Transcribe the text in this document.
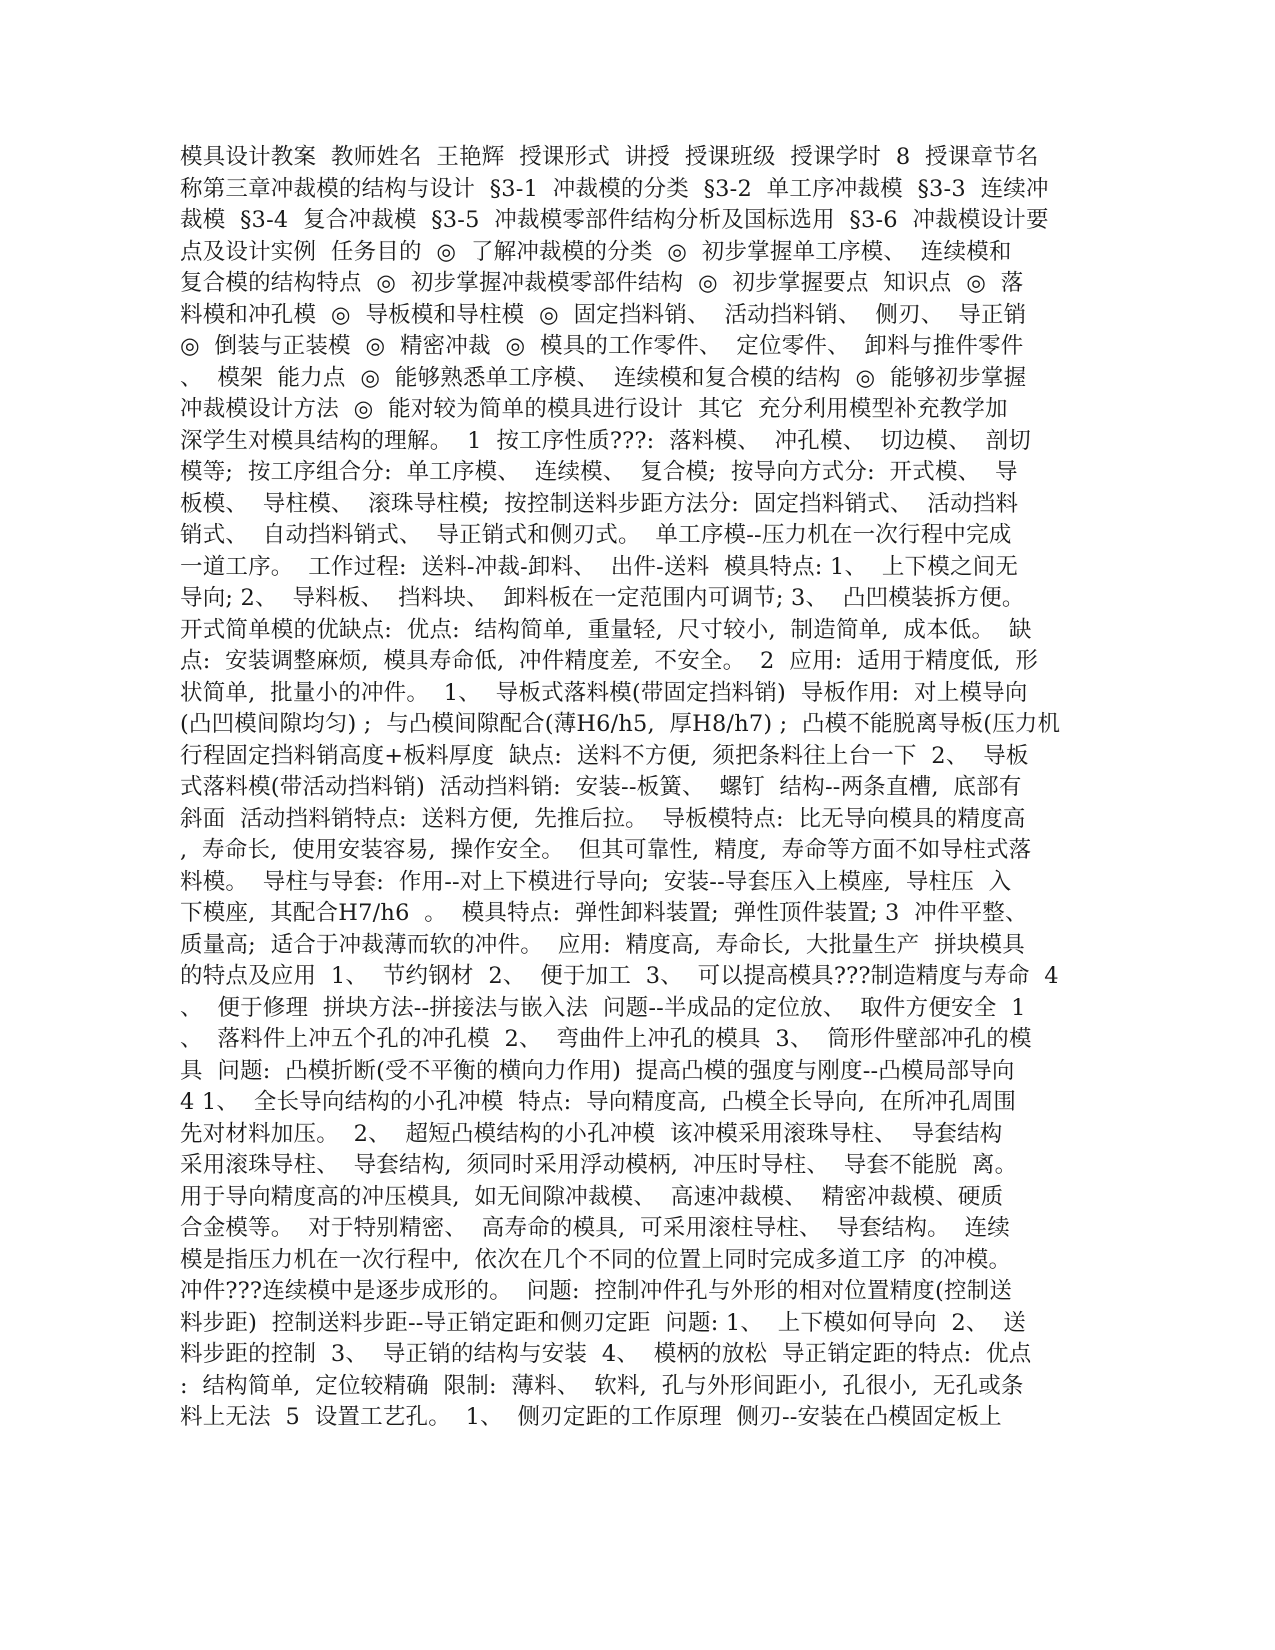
模具设计教案  教师姓名  王艳辉  授课形式  讲授  授课班级  授课学时  8  授课章节名
称第三章冲裁模的结构与设计  §3-1  冲裁模的分类  §3-2  单工序冲裁模  §3-3  连续冲
裁模  §3-4  复合冲裁模  §3-5  冲裁模零部件结构分析及国标选用  §3-6  冲裁模设计要
点及设计实例  任务目的  ◎  了解冲裁模的分类  ◎  初步掌握单工序模、  连续模和
复合模的结构特点  ◎  初步掌握冲裁模零部件结构  ◎  初步掌握要点  知识点  ◎  落
料模和冲孔模  ◎  导板模和导柱模  ◎  固定挡料销、  活动挡料销、  侧刃、  导正销
◎  倒装与正装模  ◎  精密冲裁  ◎  模具的工作零件、  定位零件、  卸料与推件零件
、  模架  能力点  ◎  能够熟悉单工序模、  连续模和复合模的结构  ◎  能够初步掌握
冲裁模设计方法  ◎  能对较为简单的模具进行设计  其它  充分利用模型补充教学加
深学生对模具结构的理解。  1  按工序性质???:  落料模、  冲孔模、  切边模、  剖切
模等;  按工序组合分:  单工序模、  连续模、  复合模;  按导向方式分:  开式模、  导
板模、  导柱模、  滚珠导柱模;  按控制送料步距方法分:  固定挡料销式、  活动挡料
销式、  自动挡料销式、  导正销式和侧刃式。  单工序模--压力机在一次行程中完成
一道工序。  工作过程:  送料-冲裁-卸料、  出件-送料  模具特点: 1、  上下模之间无
导向; 2、  导料板、  挡料块、  卸料板在一定范围内可调节; 3、  凸凹模装拆方便。
开式简单模的优缺点:  优点:  结构简单,  重量轻,  尺寸较小,  制造简单,  成本低。  缺
点:  安装调整麻烦,  模具寿命低,  冲件精度差,  不安全。  2  应用:  适用于精度低,  形
状简单,  批量小的冲件。  1、  导板式落料模(带固定挡料销)  导板作用:  对上模导向
(凸凹模间隙均匀) ;  与凸模间隙配合(薄H6/h5,  厚H8/h7) ;  凸模不能脱离导板(压力机
行程固定挡料销高度+板料厚度  缺点:  送料不方便,  须把条料往上台一下  2、  导板
式落料模(带活动挡料销)  活动挡料销:  安装--板簧、  螺钉  结构--两条直槽,  底部有
斜面  活动挡料销特点:  送料方便,  先推后拉。  导板模特点:  比无导向模具的精度高
,  寿命长,  使用安装容易,  操作安全。  但其可靠性,  精度,  寿命等方面不如导柱式落
料模。  导柱与导套:  作用--对上下模进行导向;  安装--导套压入上模座,  导柱压  入
下模座,  其配合H7/h6  。  模具特点:  弹性卸料装置;  弹性顶件装置; 3  冲件平整、
质量高;  适合于冲裁薄而软的冲件。  应用:  精度高,  寿命长,  大批量生产  拼块模具
的特点及应用  1、  节约钢材  2、  便于加工  3、  可以提高模具???制造精度与寿命  4
、  便于修理  拼块方法--拼接法与嵌入法  问题--半成品的定位放、  取件方便安全  1
、  落料件上冲五个孔的冲孔模  2、  弯曲件上冲孔的模具  3、  筒形件壁部冲孔的模
具  问题:  凸模折断(受不平衡的横向力作用)  提高凸模的强度与刚度--凸模局部导向
4 1、  全长导向结构的小孔冲模  特点:  导向精度高,  凸模全长导向,  在所冲孔周围
先对材料加压。  2、  超短凸模结构的小孔冲模  该冲模采用滚珠导柱、  导套结构
采用滚珠导柱、  导套结构,  须同时采用浮动模柄,  冲压时导柱、  导套不能脱  离。
用于导向精度高的冲压模具,  如无间隙冲裁模、  高速冲裁模、  精密冲裁模、硬质
合金模等。  对于特别精密、  高寿命的模具,  可采用滚柱导柱、  导套结构。  连续
模是指压力机在一次行程中,  依次在几个不同的位置上同时完成多道工序  的冲模。
冲件???连续模中是逐步成形的。  问题:  控制冲件孔与外形的相对位置精度(控制送
料步距)  控制送料步距--导正销定距和侧刃定距  问题: 1、  上下模如何导向  2、  送
料步距的控制  3、  导正销的结构与安装  4、  模柄的放松  导正销定距的特点:  优点
:  结构简单,  定位较精确  限制:  薄料、  软料,  孔与外形间距小,  孔很小,  无孔或条
料上无法  5  设置工艺孔。  1、  侧刃定距的工作原理  侧刃--安装在凸模固定板上
